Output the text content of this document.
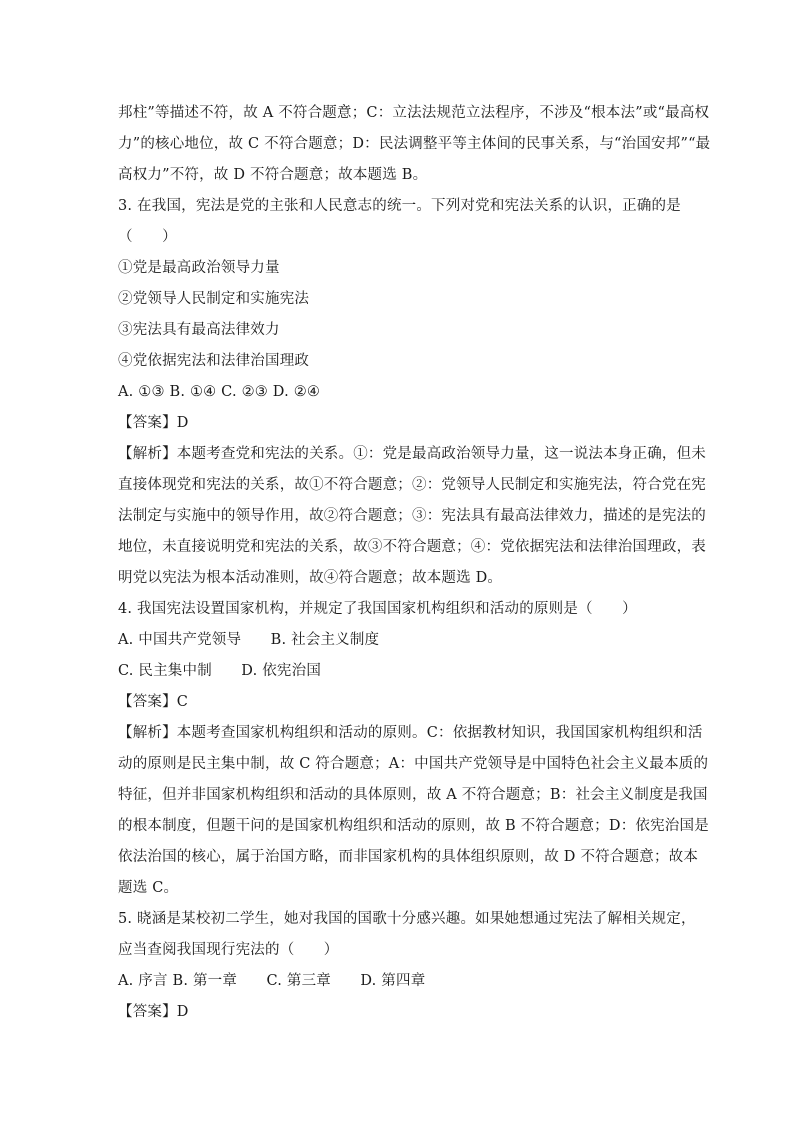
邦柱”等描述不符，故 A 不符合题意；C：立法法规范立法程序，不涉及“根本法”或“最高权
力”的核心地位，故 C 不符合题意；D：民法调整平等主体间的民事关系，与“治国安邦”“最
高权力”不符，故 D 不符合题意；故本题选 B。
3. 在我国，宪法是党的主张和人民意志的统一。下列对党和宪法关系的认识，正确的是
（　　）
①党是最高政治领导力量
②党领导人民制定和实施宪法
③宪法具有最高法律效力
④党依据宪法和法律治国理政
A. ①③ B. ①④ C. ②③ D. ②④
【答案】D
【解析】本题考查党和宪法的关系。①：党是最高政治领导力量，这一说法本身正确，但未
直接体现党和宪法的关系，故①不符合题意；②：党领导人民制定和实施宪法，符合党在宪
法制定与实施中的领导作用，故②符合题意；③：宪法具有最高法律效力，描述的是宪法的
地位，未直接说明党和宪法的关系，故③不符合题意；④：党依据宪法和法律治国理政，表
明党以宪法为根本活动准则，故④符合题意；故本题选 D。
4. 我国宪法设置国家机构，并规定了我国国家机构组织和活动的原则是（　　）
A. 中国共产党领导　　B. 社会主义制度
C. 民主集中制　　D. 依宪治国
【答案】C
【解析】本题考查国家机构组织和活动的原则。C：依据教材知识，我国国家机构组织和活
动的原则是民主集中制，故 C 符合题意；A：中国共产党领导是中国特色社会主义最本质的
特征，但并非国家机构组织和活动的具体原则，故 A 不符合题意；B：社会主义制度是我国
的根本制度，但题干问的是国家机构组织和活动的原则，故 B 不符合题意；D：依宪治国是
依法治国的核心，属于治国方略，而非国家机构的具体组织原则，故 D 不符合题意；故本
题选 C。
5. 晓涵是某校初二学生，她对我国的国歌十分感兴趣。如果她想通过宪法了解相关规定，
应当查阅我国现行宪法的（　　）
A. 序言 B. 第一章　　C. 第三章　　D. 第四章
【答案】D
